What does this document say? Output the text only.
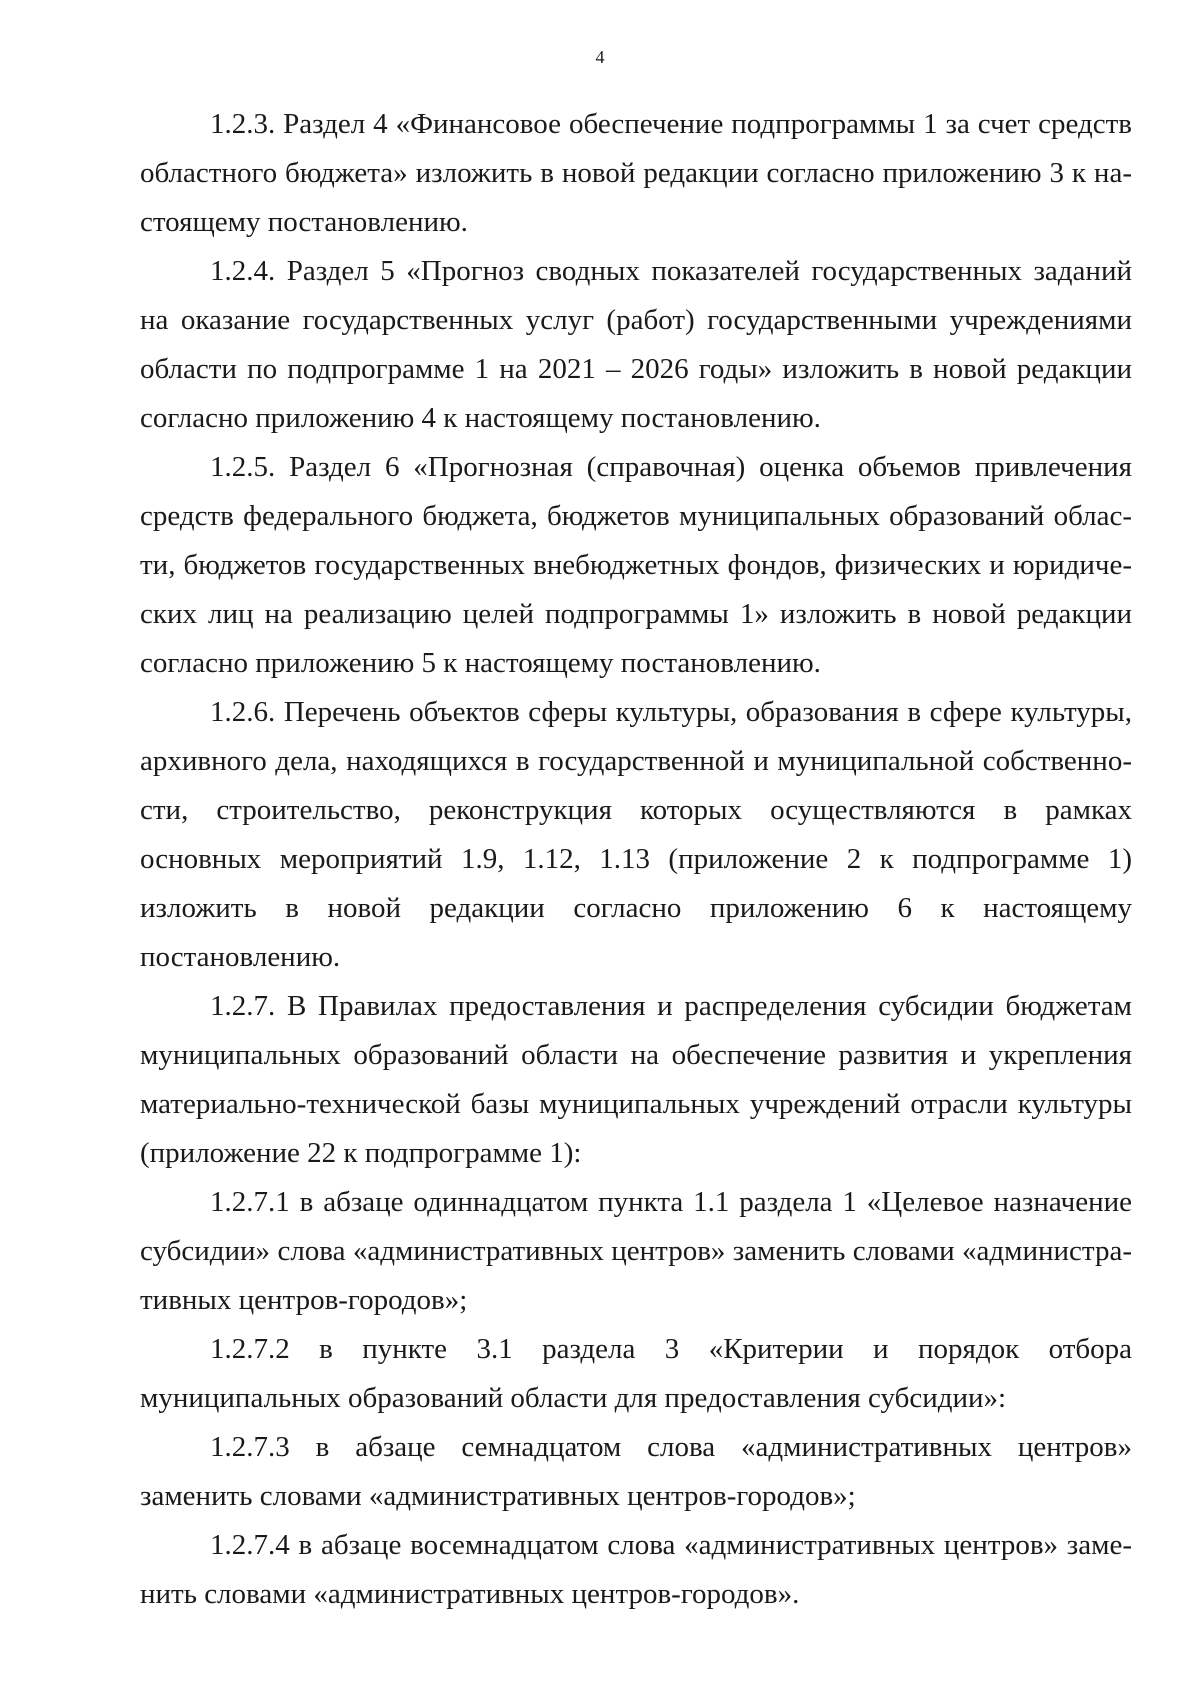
4

1.2.3. Раздел 4 «Финансовое обеспечение подпрограммы 1 за счет средств областного бюджета» изложить в новой редакции согласно приложению 3 к настоящему постановлению.

1.2.4. Раздел 5 «Прогноз сводных показателей государственных заданий на оказание государственных услуг (работ) государственными учреждениями области по подпрограмме 1 на 2021 – 2026 годы» изложить в новой редакции согласно приложению 4 к настоящему постановлению.

1.2.5. Раздел 6 «Прогнозная (справочная) оценка объемов привлечения средств федерального бюджета, бюджетов муниципальных образований области, бюджетов государственных внебюджетных фондов, физических и юридических лиц на реализацию целей подпрограммы 1» изложить в новой редакции согласно приложению 5 к настоящему постановлению.

1.2.6. Перечень объектов сферы культуры, образования в сфере культуры, архивного дела, находящихся в государственной и муниципальной собственности, строительство, реконструкция которых осуществляются в рамках основных мероприятий 1.9, 1.12, 1.13 (приложение 2 к подпрограмме 1) изложить в новой редакции согласно приложению 6 к настоящему постановлению.

1.2.7. В Правилах предоставления и распределения субсидии бюджетам муниципальных образований области на обеспечение развития и укрепления материально-технической базы муниципальных учреждений отрасли культуры (приложение 22 к подпрограмме 1):

1.2.7.1 в абзаце одиннадцатом пункта 1.1 раздела 1 «Целевое назначение субсидии» слова «административных центров» заменить словами «административных центров-городов»;

1.2.7.2 в пункте 3.1 раздела 3 «Критерии и порядок отбора муниципальных образований области для предоставления субсидии»:

1.2.7.3 в абзаце семнадцатом слова «административных центров» заменить словами «административных центров-городов»;

1.2.7.4 в абзаце восемнадцатом слова «административных центров» заменить словами «административных центров-городов».
